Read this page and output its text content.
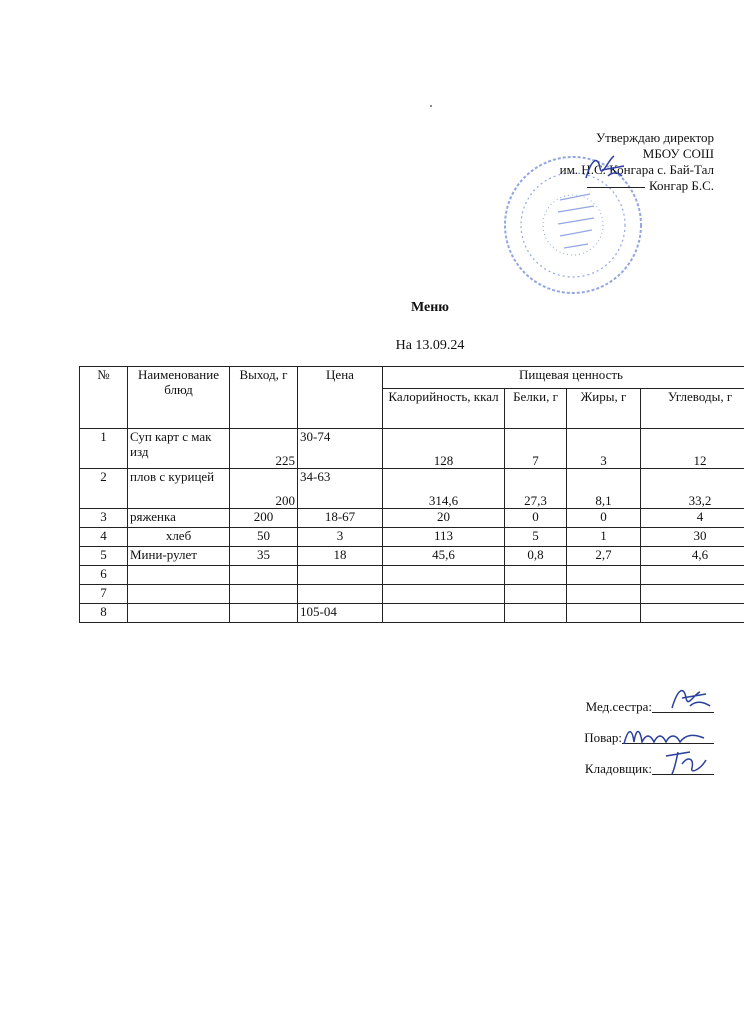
Утверждаю директор
МБОУ СОШ
им. Н.С. Конгара с. Бай-Тал
Конгар Б.С.
Меню
На 13.09.24
№	Наименование блюд	Выход, г	Цена	Пищевая ценность			
				Калорийность, ккал	Белки, г	Жиры, г	Углеводы, г
1	Суп карт с мак изд	225	30-74	128	7	3	12
2	плов с курицей	200	34-63	314,6	27,3	8,1	33,2
3	ряженка	200	18-67	20	0	0	4
4	хлеб	50	3	113	5	1	30
5	Мини-рулет	35	18	45,6	0,8	2,7	4,6
6							
7							
8			105-04				
Мед.сестра:
Повар:
Кладовщик:
